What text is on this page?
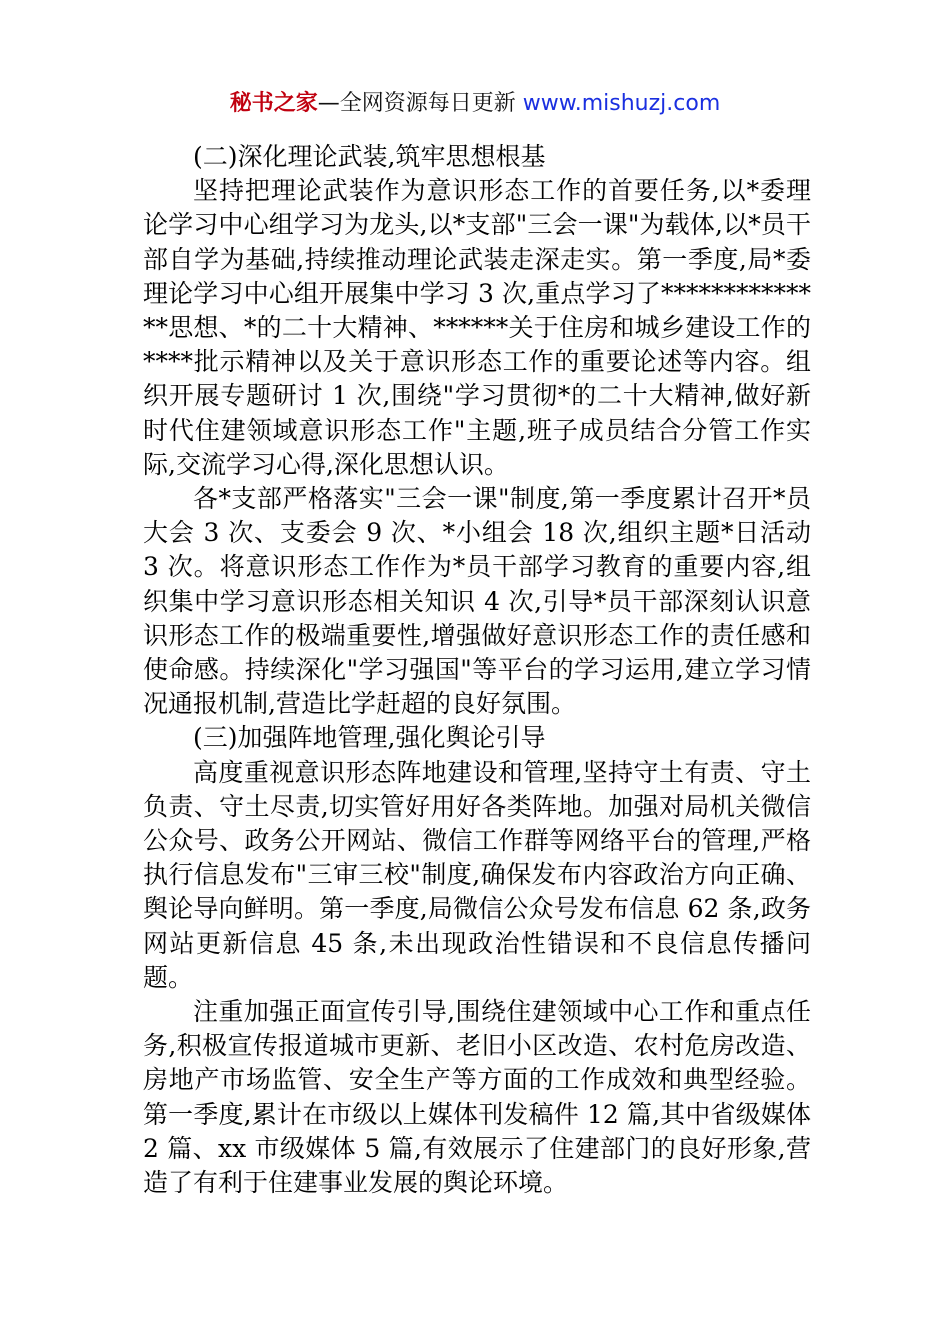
秘书之家—全网资源每日更新 www.mishuzj.com
(二)深化理论武装,筑牢思想根基

坚持把理论武装作为意识形态工作的首要任务,以*委理论学习中心组学习为龙头,以*支部"三会一课"为载体,以*员干部自学为基础,持续推动理论武装走深走实。第一季度,局*委理论学习中心组开展集中学习 3 次,重点学习了**************思想、*的二十大精神、******关于住房和城乡建设工作的****批示精神以及关于意识形态工作的重要论述等内容。组织开展专题研讨 1 次,围绕"学习贯彻*的二十大精神,做好新时代住建领域意识形态工作"主题,班子成员结合分管工作实际,交流学习心得,深化思想认识。

各*支部严格落实"三会一课"制度,第一季度累计召开*员大会 3 次、支委会 9 次、*小组会 18 次,组织主题*日活动 3 次。将意识形态工作作为*员干部学习教育的重要内容,组织集中学习意识形态相关知识 4 次,引导*员干部深刻认识意识形态工作的极端重要性,增强做好意识形态工作的责任感和使命感。持续深化"学习强国"等平台的学习运用,建立学习情况通报机制,营造比学赶超的良好氛围。

(三)加强阵地管理,强化舆论引导

高度重视意识形态阵地建设和管理,坚持守土有责、守土负责、守土尽责,切实管好用好各类阵地。加强对局机关微信公众号、政务公开网站、微信工作群等网络平台的管理,严格执行信息发布"三审三校"制度,确保发布内容政治方向正确、舆论导向鲜明。第一季度,局微信公众号发布信息 62 条,政务网站更新信息 45 条,未出现政治性错误和不良信息传播问题。

注重加强正面宣传引导,围绕住建领域中心工作和重点任务,积极宣传报道城市更新、老旧小区改造、农村危房改造、房地产市场监管、安全生产等方面的工作成效和典型经验。第一季度,累计在市级以上媒体刊发稿件 12 篇,其中省级媒体 2 篇、xx 市级媒体 5 篇,有效展示了住建部门的良好形象,营造了有利于住建事业发展的舆论环境。
